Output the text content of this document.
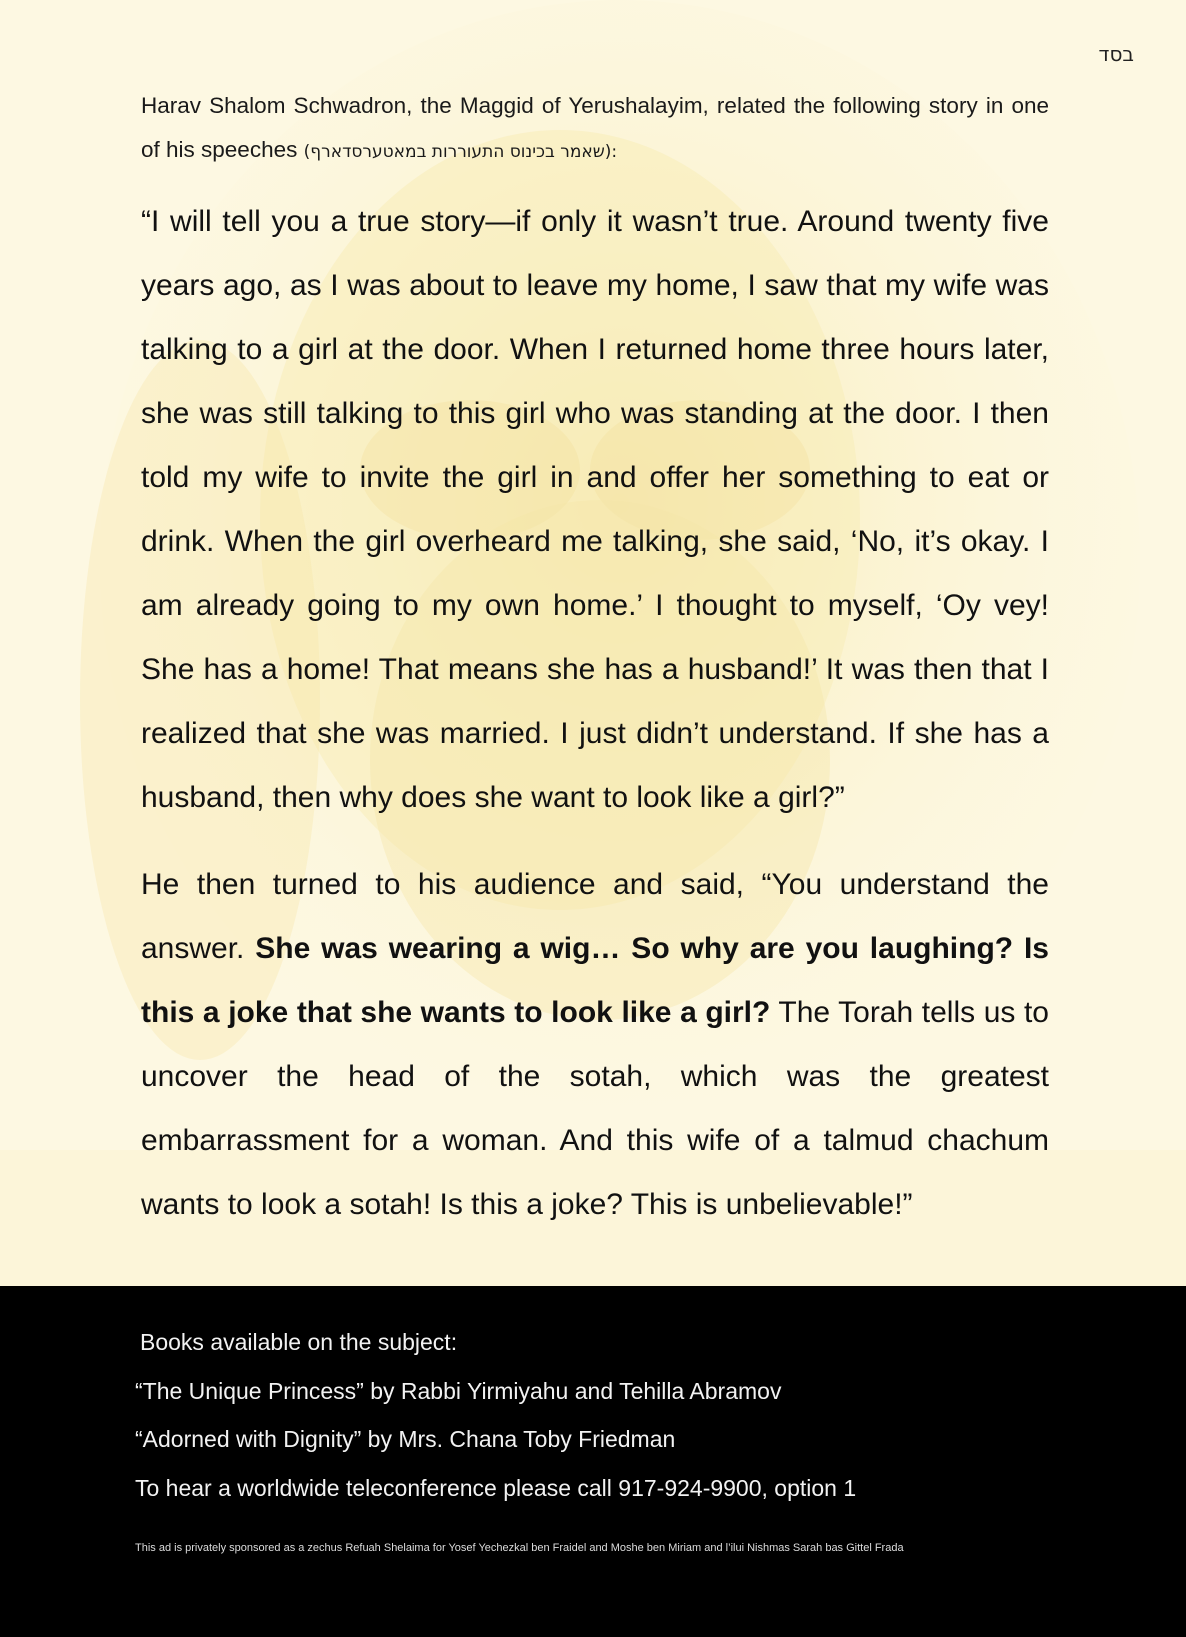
בסד
Harav Shalom Schwadron, the Maggid of Yerushalayim, related the following story in one of his speeches (שאמר בכינוס התעוררות במאטערסדארף):

“I will tell you a true story—if only it wasn’t true. Around twenty five years ago, as I was about to leave my home, I saw that my wife was talking to a girl at the door. When I returned home three hours later, she was still talking to this girl who was standing at the door. I then told my wife to invite the girl in and offer her something to eat or drink. When the girl overheard me talking, she said, ‘No, it’s okay. I am already going to my own home.’ I thought to myself, ‘Oy vey! She has a home! That means she has a husband!’ It was then that I realized that she was married. I just didn’t understand. If she has a husband, then why does she want to look like a girl?”

He then turned to his audience and said, “You understand the answer. She was wearing a wig… So why are you laughing? Is this a joke that she wants to look like a girl? The Torah tells us to uncover the head of the sotah, which was the greatest embarrassment for a woman. And this wife of a talmud chachum wants to look a sotah! Is this a joke? This is unbelievable!”

Books available on the subject:
“The Unique Princess” by Rabbi Yirmiyahu and Tehilla Abramov
“Adorned with Dignity” by Mrs. Chana Toby Friedman
To hear a worldwide teleconference please call 917-924-9900, option 1
This ad is privately sponsored as a zechus Refuah Shelaima for Yosef Yechezkal ben Fraidel and Moshe ben Miriam and l’ilui Nishmas Sarah bas Gittel Frada
